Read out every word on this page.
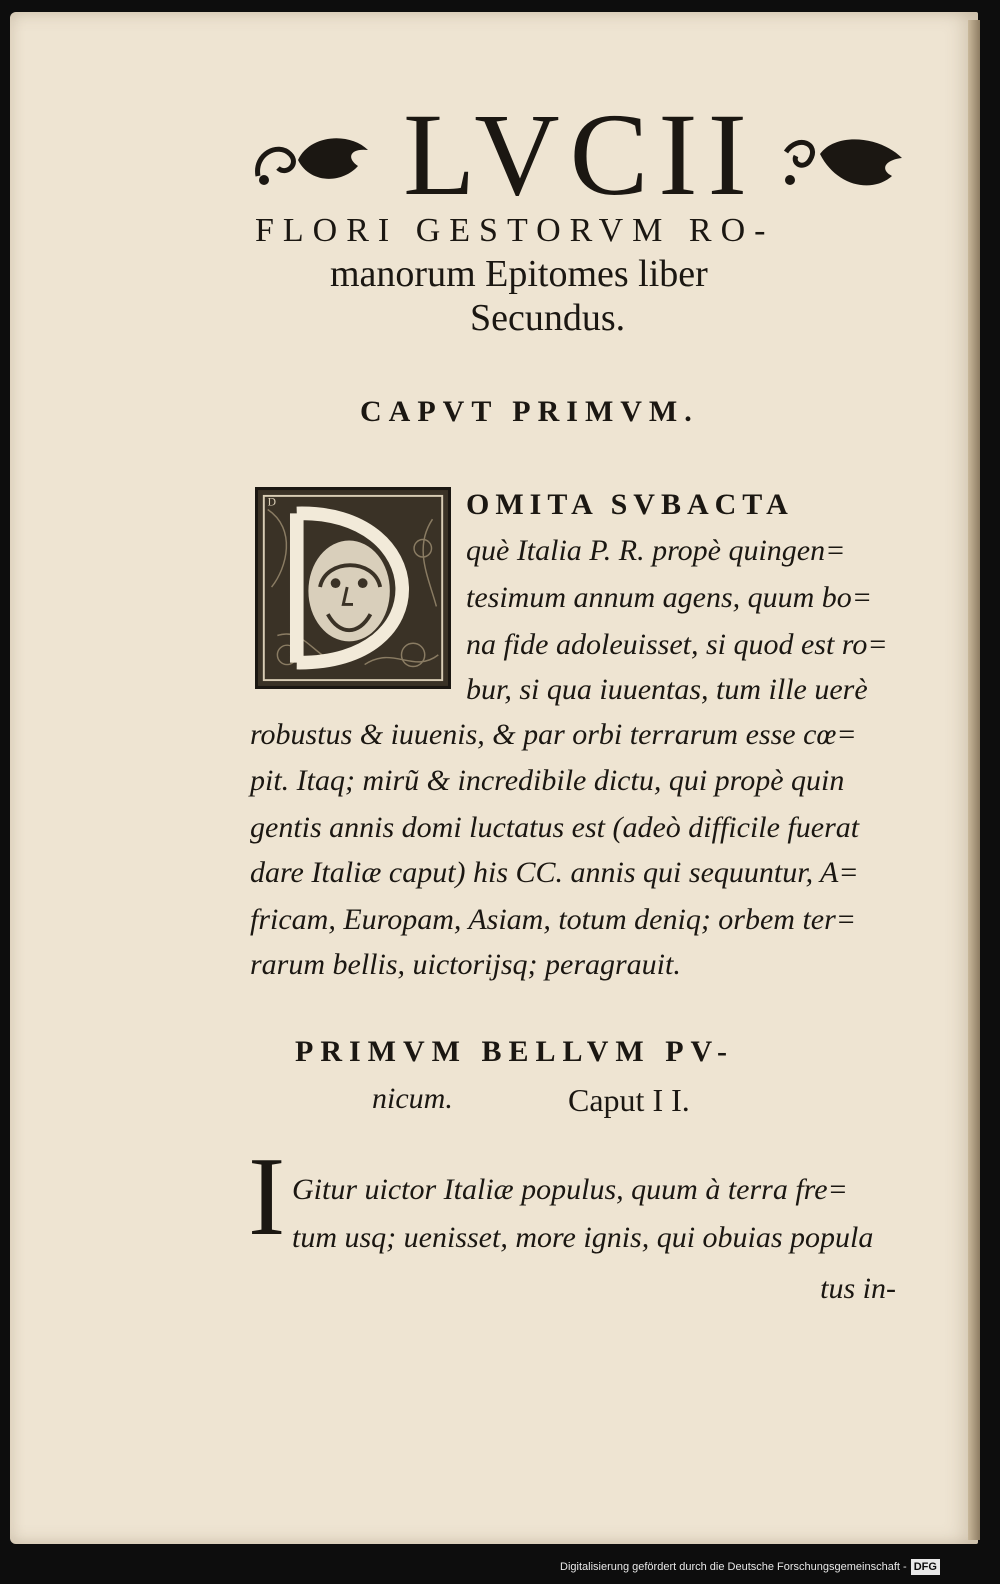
LVCII
FLORI GESTORVM RO-
manorum Epitomes liber
Secundus.
CAPVT PRIMVM.
D	OMITA SVBACTA
què Italia P. R. propè quingen=
tesimum annum agens, quum bo=
na fide adoleuisset, si quod est ro=
bur, si qua iuuentas, tum ille uerè
robustus & iuuenis, & par orbi terrarum esse cœ=
pit. Itaq; mirũ & incredibile dictu, qui propè quin
gentis annis domi luctatus est (adeò difficile fuerat
dare Italiæ caput) his CC. annis qui sequuntur, A=
fricam, Europam, Asiam, totum deniq; orbem ter=
rarum bellis, uictorijsq; peragrauit.
PRIMVM BELLVM PV-
nicum.	Caput I I.
I Gitur uictor Italiæ populus, quum à terra fre=
tum usq; uenisset, more ignis, qui obuias popula
tus in-
Digitalisierung gefördert durch die Deutsche Forschungsgemeinschaft - DFG
